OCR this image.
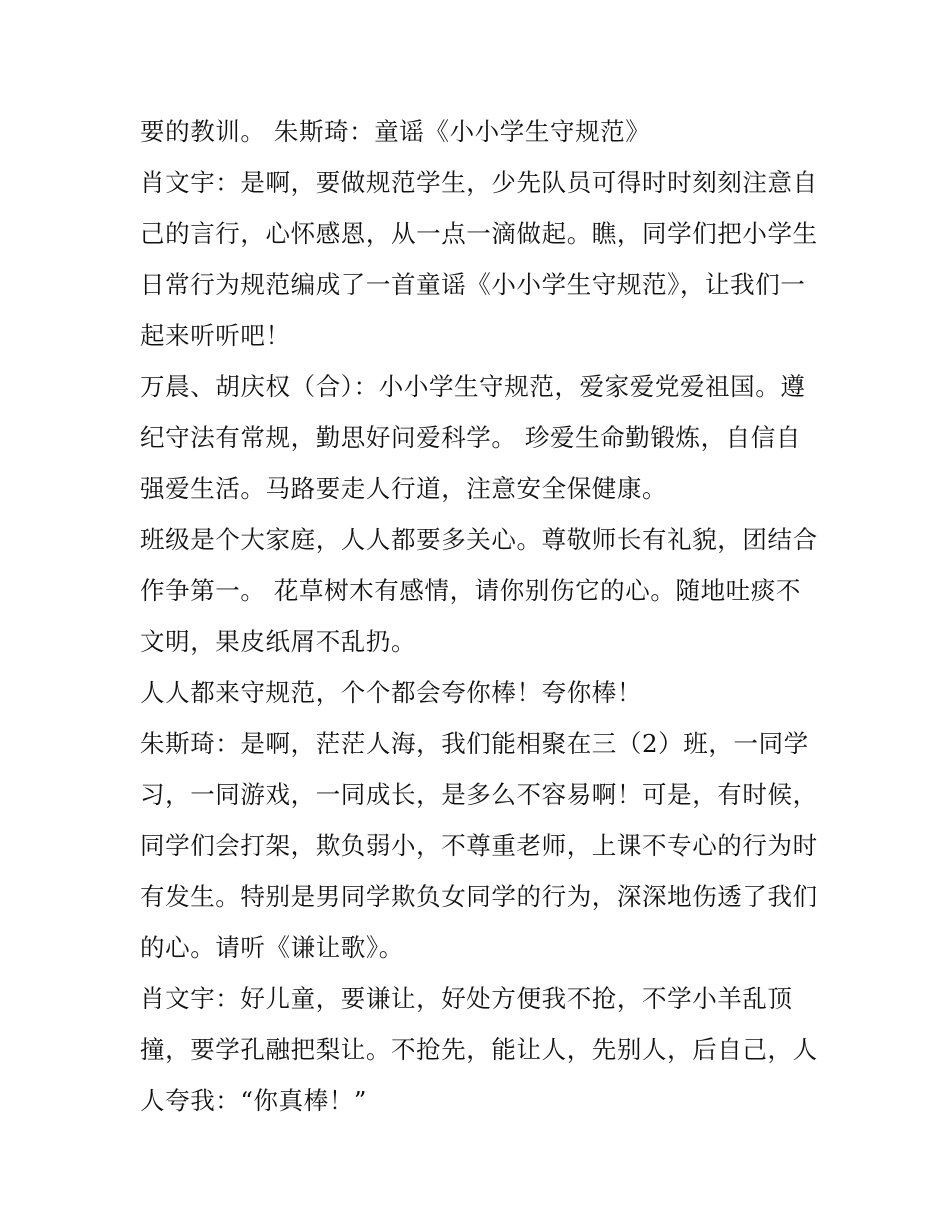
要的教训。 朱斯琦：童谣《小小学生守规范》

肖文宇：是啊，要做规范学生，少先队员可得时时刻刻注意自
己的言行，心怀感恩，从一点一滴做起。瞧，同学们把小学生
日常行为规范编成了一首童谣《小小学生守规范》，让我们一
起来听听吧！

万晨、胡庆权（合）：小小学生守规范，爱家爱党爱祖国。遵
纪守法有常规，勤思好问爱科学。 珍爱生命勤锻炼，自信自
强爱生活。马路要走人行道，注意安全保健康。

班级是个大家庭，人人都要多关心。尊敬师长有礼貌，团结合
作争第一。 花草树木有感情，请你别伤它的心。随地吐痰不
文明，果皮纸屑不乱扔。

人人都来守规范，个个都会夸你棒！夸你棒！

朱斯琦：是啊，茫茫人海，我们能相聚在三（2）班，一同学
习，一同游戏，一同成长，是多么不容易啊！可是，有时候，
同学们会打架，欺负弱小，不尊重老师，上课不专心的行为时
有发生。特别是男同学欺负女同学的行为，深深地伤透了我们
的心。请听《谦让歌》。

肖文宇：好儿童，要谦让，好处方便我不抢，不学小羊乱顶
撞，要学孔融把梨让。不抢先，能让人，先别人，后自己，人
人夸我：“你真棒！”
